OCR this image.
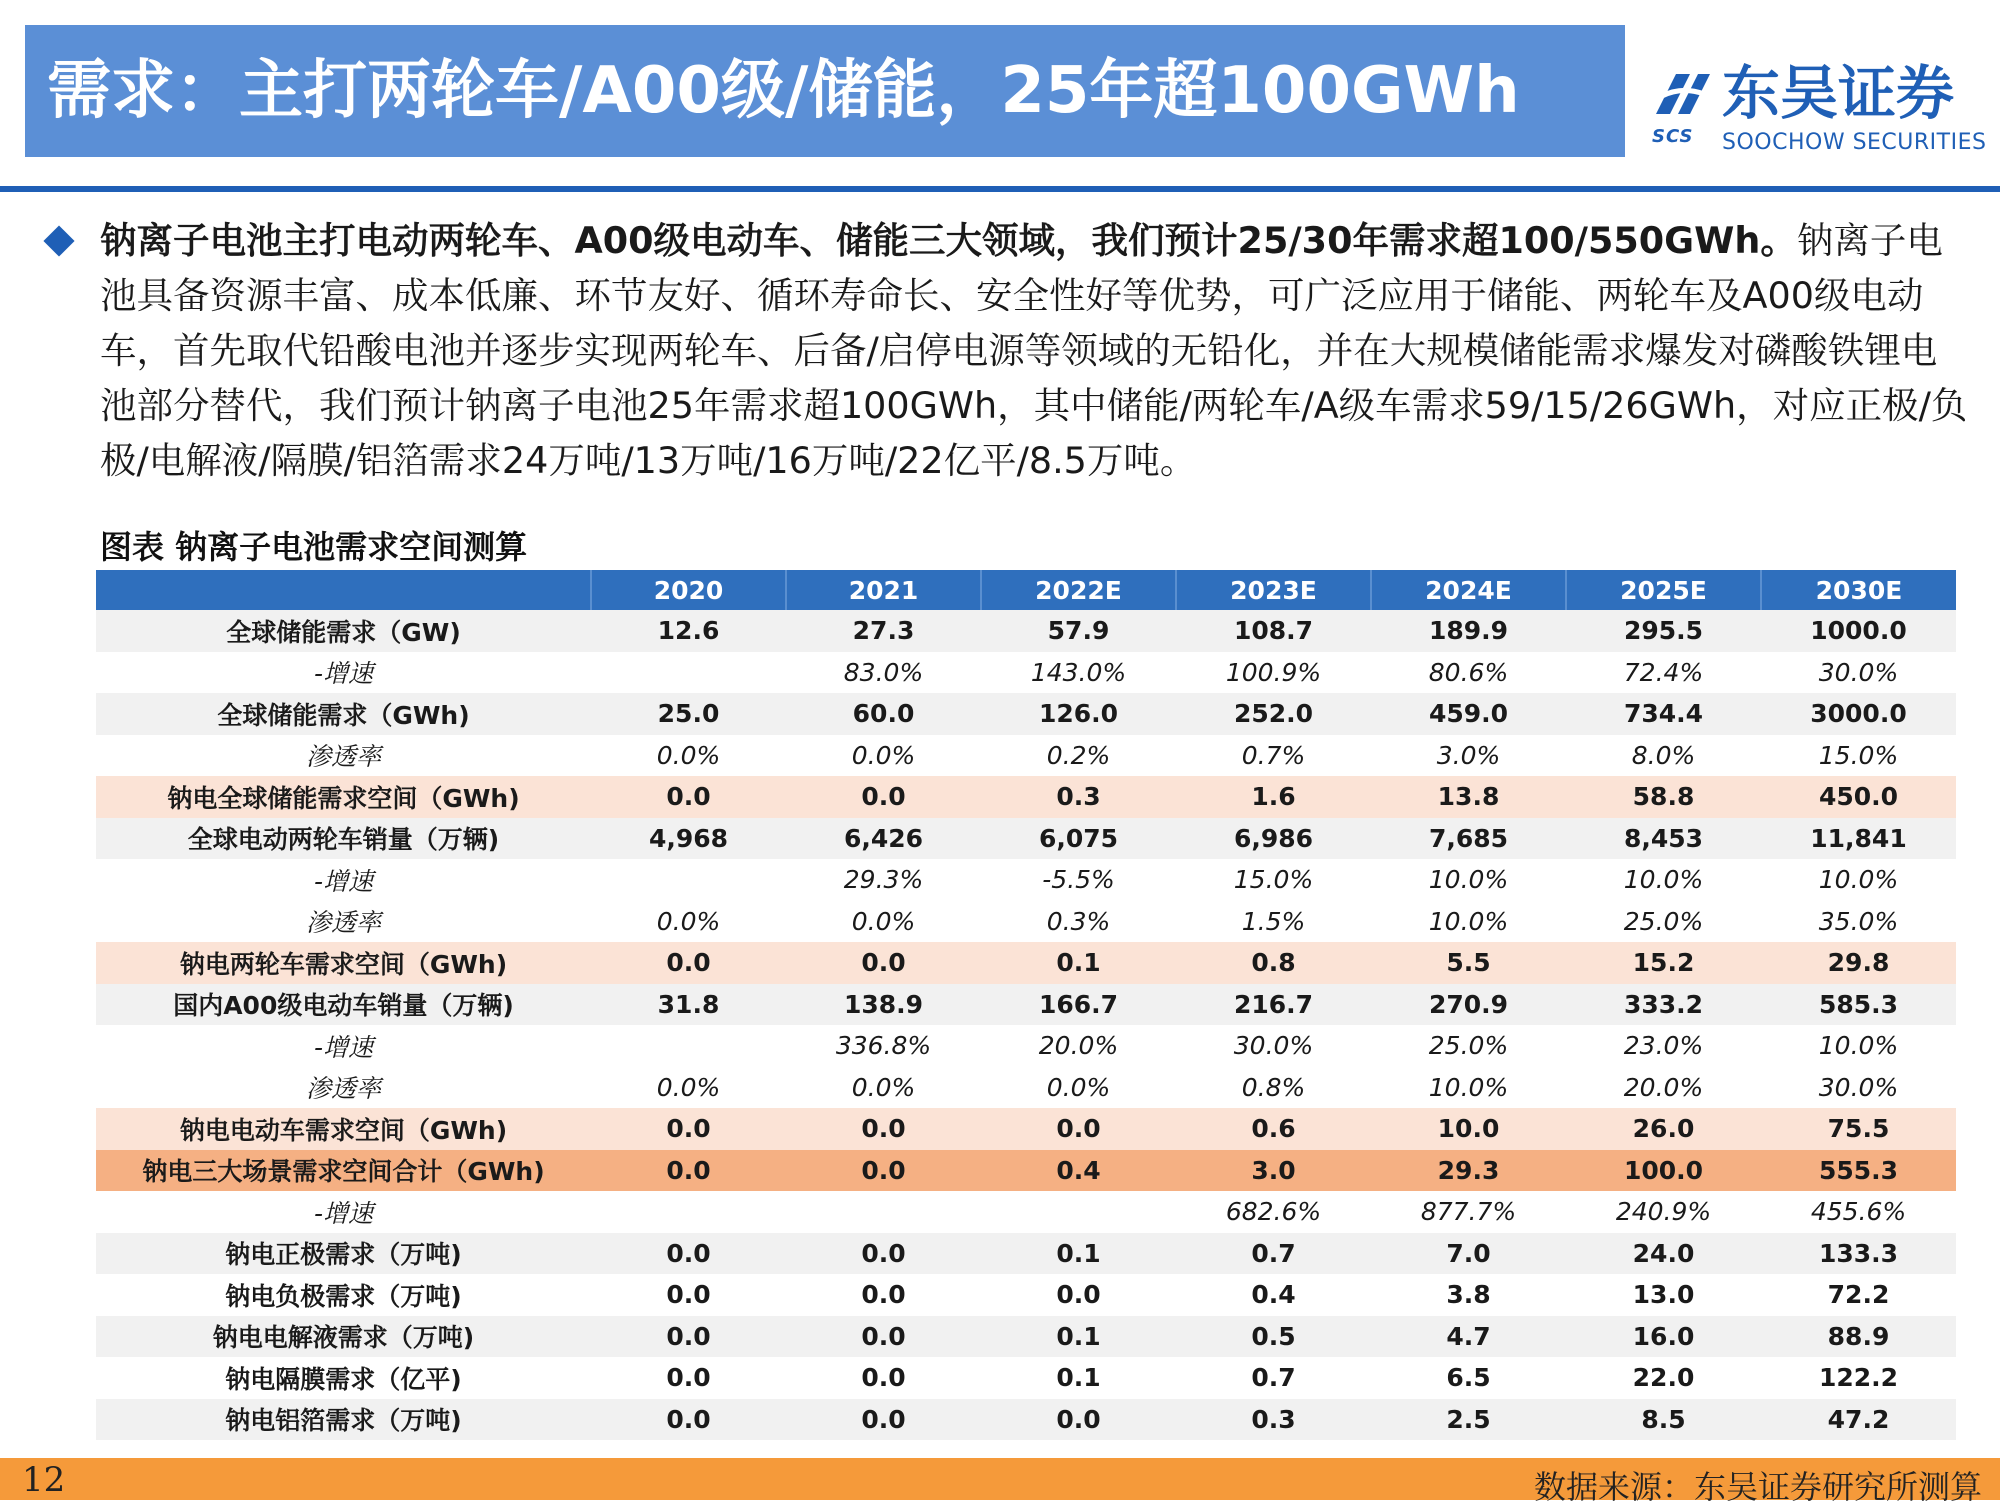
需求：主打两轮车/A00级/储能，25年超100GWh
SCS
东吴证券
SOOCHOW SECURITIES
钠离子电池主打电动两轮车、A00级电动车、储能三大领域，我们预计25/30年需求超100/550GWh。钠离子电池具备资源丰富、成本低廉、环节友好、循环寿命长、安全性好等优势，可广泛应用于储能、两轮车及A00级电动车，首先取代铅酸电池并逐步实现两轮车、后备/启停电源等领域的无铅化，并在大规模储能需求爆发对磷酸铁锂电池部分替代，我们预计钠离子电池25年需求超100GWh，其中储能/两轮车/A级车需求59/15/26GWh，对应正极/负极/电解液/隔膜/铝箔需求24万吨/13万吨/16万吨/22亿平/8.5万吨。
图表 钠离子电池需求空间测算
	2020	2021	2022E	2023E	2024E	2025E	2030E
全球储能需求（GW)	12.6	27.3	57.9	108.7	189.9	295.5	1000.0
-增速		83.0%	143.0%	100.9%	80.6%	72.4%	30.0%
全球储能需求（GWh)	25.0	60.0	126.0	252.0	459.0	734.4	3000.0
渗透率	0.0%	0.0%	0.2%	0.7%	3.0%	8.0%	15.0%
钠电全球储能需求空间（GWh)	0.0	0.0	0.3	1.6	13.8	58.8	450.0
全球电动两轮车销量（万辆)	4,968	6,426	6,075	6,986	7,685	8,453	11,841
-增速		29.3%	-5.5%	15.0%	10.0%	10.0%	10.0%
渗透率	0.0%	0.0%	0.3%	1.5%	10.0%	25.0%	35.0%
钠电两轮车需求空间（GWh)	0.0	0.0	0.1	0.8	5.5	15.2	29.8
国内A00级电动车销量（万辆)	31.8	138.9	166.7	216.7	270.9	333.2	585.3
-增速		336.8%	20.0%	30.0%	25.0%	23.0%	10.0%
渗透率	0.0%	0.0%	0.0%	0.8%	10.0%	20.0%	30.0%
钠电电动车需求空间（GWh)	0.0	0.0	0.0	0.6	10.0	26.0	75.5
钠电三大场景需求空间合计（GWh)	0.0	0.0	0.4	3.0	29.3	100.0	555.3
-增速				682.6%	877.7%	240.9%	455.6%
钠电正极需求（万吨)	0.0	0.0	0.1	0.7	7.0	24.0	133.3
钠电负极需求（万吨)	0.0	0.0	0.0	0.4	3.8	13.0	72.2
钠电电解液需求（万吨)	0.0	0.0	0.1	0.5	4.7	16.0	88.9
钠电隔膜需求（亿平)	0.0	0.0	0.1	0.7	6.5	22.0	122.2
钠电铝箔需求（万吨)	0.0	0.0	0.0	0.3	2.5	8.5	47.2
12	数据来源：东吴证券研究所测算
